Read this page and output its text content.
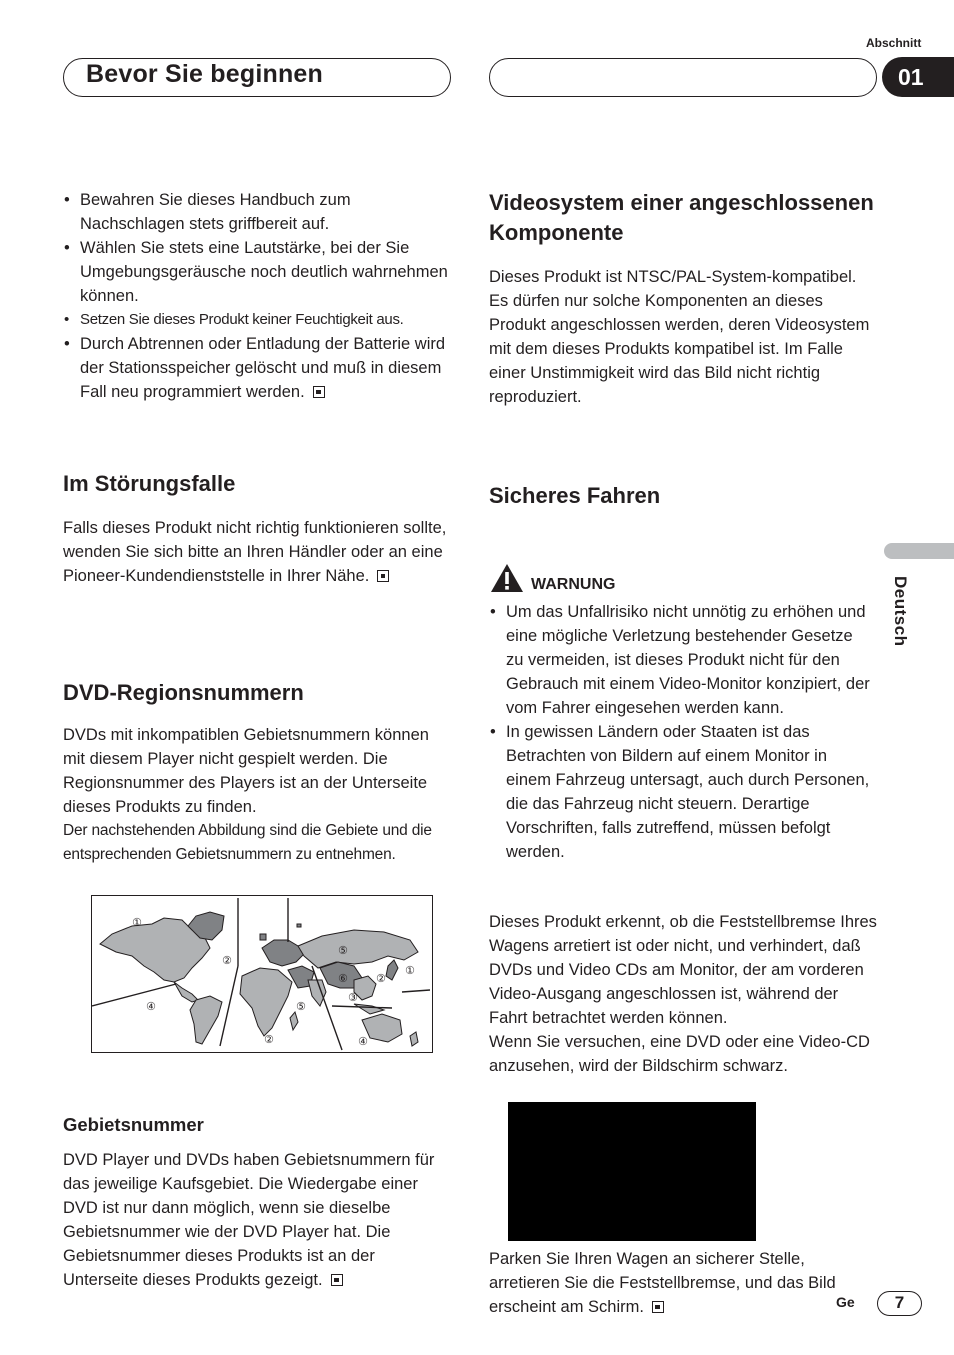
Bevor Sie beginnen
Abschnitt
01
• Bewahren Sie dieses Handbuch zum Nachschlagen stets griffbereit auf.
• Wählen Sie stets eine Lautstärke, bei der Sie Umgebungsgeräusche noch deutlich wahrnehmen können.
• Setzen Sie dieses Produkt keiner Feuchtigkeit aus.
• Durch Abtrennen oder Entladung der Batterie wird der Stationsspeicher gelöscht und muß in diesem Fall neu programmiert werden.
Im Störungsfalle
Falls dieses Produkt nicht richtig funktionieren sollte, wenden Sie sich bitte an Ihren Händler oder an eine Pioneer-Kundendienststelle in Ihrer Nähe.
DVD-Regionsnummern
DVDs mit inkompatiblen Gebietsnummern können mit diesem Player nicht gespielt werden. Die Regionsnummer des Players ist an der Unterseite dieses Produkts zu finden.
Der nachstehenden Abbildung sind die Gebiete und die entsprechenden Gebietsnummern zu entnehmen.
①
②
②
③
④
④
⑤
⑤
⑥
①
②
Gebietsnummer
DVD Player und DVDs haben Gebietsnummern für das jeweilige Kaufsgebiet. Die Wiedergabe einer DVD ist nur dann möglich, wenn sie dieselbe Gebietsnummer wie der DVD Player hat. Die Gebietsnummer dieses Produkts ist an der Unterseite dieses Produkts gezeigt.
Videosystem einer angeschlossenen Komponente
Dieses Produkt ist NTSC/PAL-System-kompatibel. Es dürfen nur solche Komponenten an dieses Produkt angeschlossen werden, deren Videosystem mit dem dieses Produkts kompatibel ist. Im Falle einer Unstimmigkeit wird das Bild nicht richtig reproduziert.
Sicheres Fahren
WARNUNG
• Um das Unfallrisiko nicht unnötig zu erhöhen und eine mögliche Verletzung bestehender Gesetze zu vermeiden, ist dieses Produkt nicht für den Gebrauch mit einem Video-Monitor konzipiert, der vom Fahrer eingesehen werden kann.
• In gewissen Ländern oder Staaten ist das Betrachten von Bildern auf einem Monitor in einem Fahrzeug untersagt, auch durch Personen, die das Fahrzeug nicht steuern. Derartige Vorschriften, falls zutreffend, müssen befolgt werden.
Dieses Produkt erkennt, ob die Feststellbremse Ihres Wagens arretiert ist oder nicht, und verhindert, daß DVDs und Video CDs am Monitor, der am vorderen Video-Ausgang angeschlossen ist, während der Fahrt betrachtet werden können.
Wenn Sie versuchen, eine DVD oder eine Video-CD anzusehen, wird der Bildschirm schwarz.
Parken Sie Ihren Wagen an sicherer Stelle, arretieren Sie die Feststellbremse, und das Bild erscheint am Schirm.
Deutsch
Ge	7
